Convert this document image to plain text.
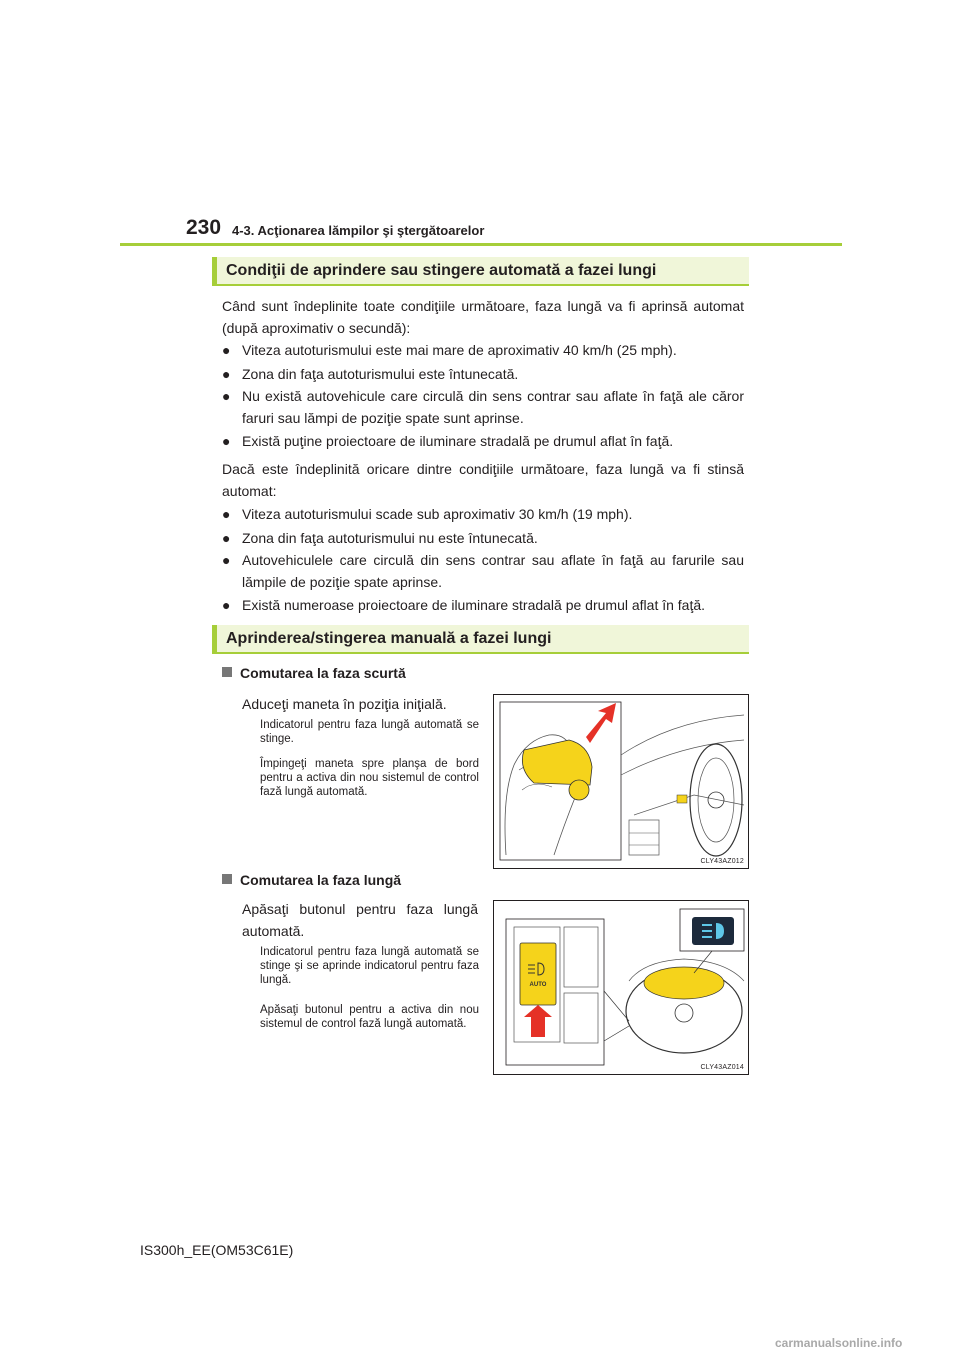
230 4-3. Acţionarea lămpilor şi ştergătoarelor
Condiţii de aprindere sau stingere automată a fazei lungi
Când sunt îndeplinite toate condiţiile următoare, faza lungă va fi aprinsă automat (după aproximativ o secundă):
● Viteza autoturismului este mai mare de aproximativ 40 km/h (25 mph).
● Zona din faţa autoturismului este întunecată.
● Nu există autovehicule care circulă din sens contrar sau aflate în faţă ale căror faruri sau lămpi de poziţie spate sunt aprinse.
● Există puţine proiectoare de iluminare stradală pe drumul aflat în faţă.
Dacă este îndeplinită oricare dintre condiţiile următoare, faza lungă va fi stinsă automat:
● Viteza autoturismului scade sub aproximativ 30 km/h (19 mph).
● Zona din faţa autoturismului nu este întunecată.
● Autovehiculele care circulă din sens contrar sau aflate în faţă au farurile sau lămpile de poziţie spate aprinse.
● Există numeroase proiectoare de iluminare stradală pe drumul aflat în faţă.
Aprinderea/stingerea manuală a fazei lungi
Comutarea la faza scurtă
Aduceţi maneta în poziţia iniţială.
Indicatorul pentru faza lungă automată se stinge.
Împingeţi maneta spre planşa de bord pentru a activa din nou sistemul de control fază lungă automată.
CLY43AZ012
Comutarea la faza lungă
Apăsaţi butonul pentru faza lungă automată.
Indicatorul pentru faza lungă automată se stinge şi se aprinde indicatorul pentru faza lungă.
Apăsaţi butonul pentru a activa din nou sistemul de control fază lungă automată.
AUTO
CLY43AZ014
IS300h_EE(OM53C61E)
carmanualsonline.info
